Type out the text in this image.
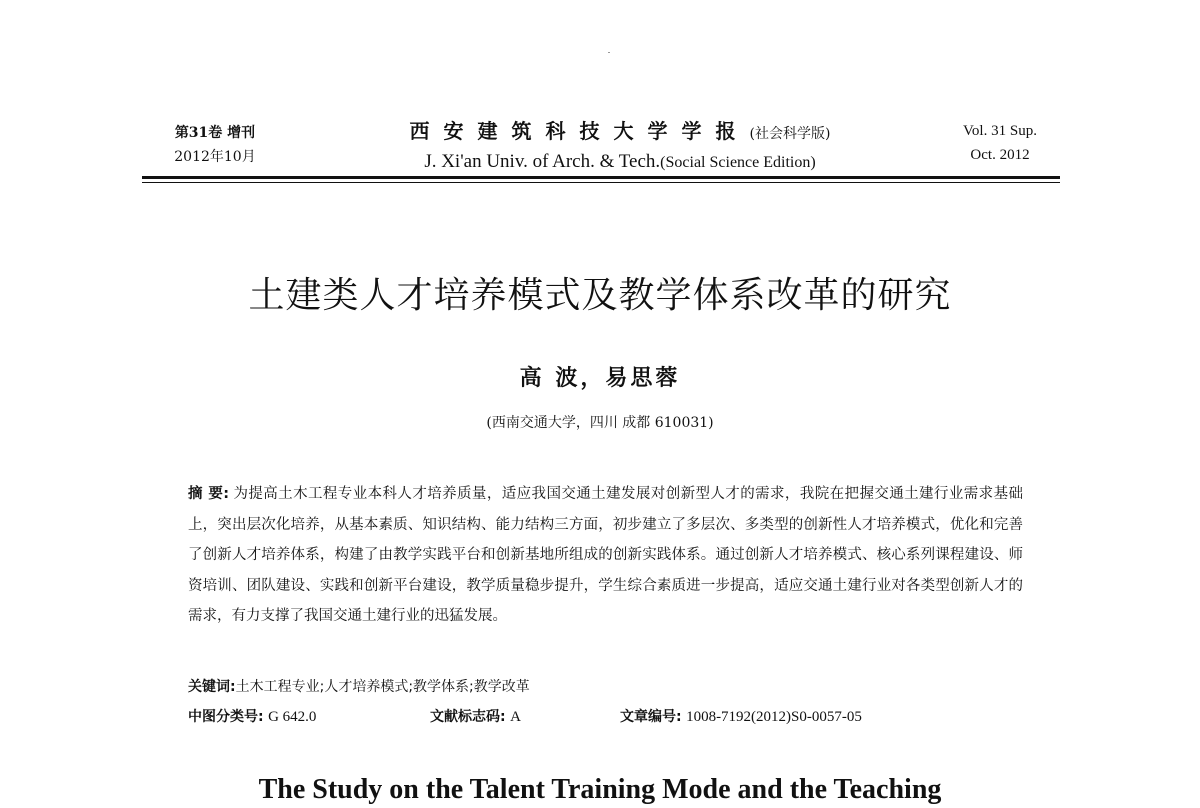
第31卷 增刊
2012年10月
西安建筑科技大学学报(社会科学版)
J. Xi'an Univ. of Arch. & Tech.(Social Science Edition)
Vol. 31 Sup.
Oct. 2012
土建类人才培养模式及教学体系改革的研究
高 波，易思蓉
(西南交通大学，四川 成都 610031)
摘 要: 为提高土木工程专业本科人才培养质量，适应我国交通土建发展对创新型人才的需求，我院在把握交通土建行业需求基础上，突出层次化培养，从基本素质、知识结构、能力结构三方面，初步建立了多层次、多类型的创新性人才培养模式，优化和完善了创新人才培养体系，构建了由教学实践平台和创新基地所组成的创新实践体系。通过创新人才培养模式、核心系列课程建设、师资培训、团队建设、实践和创新平台建设，教学质量稳步提升，学生综合素质进一步提高，适应交通土建行业对各类型创新人才的需求，有力支撑了我国交通土建行业的迅猛发展。
关键词:土木工程专业;人才培养模式;教学体系;教学改革
中图分类号: G 642.0	文献标志码: A	文章编号: 1008-7192(2012)S0-0057-05
The Study on the Talent Training Mode and the Teaching
